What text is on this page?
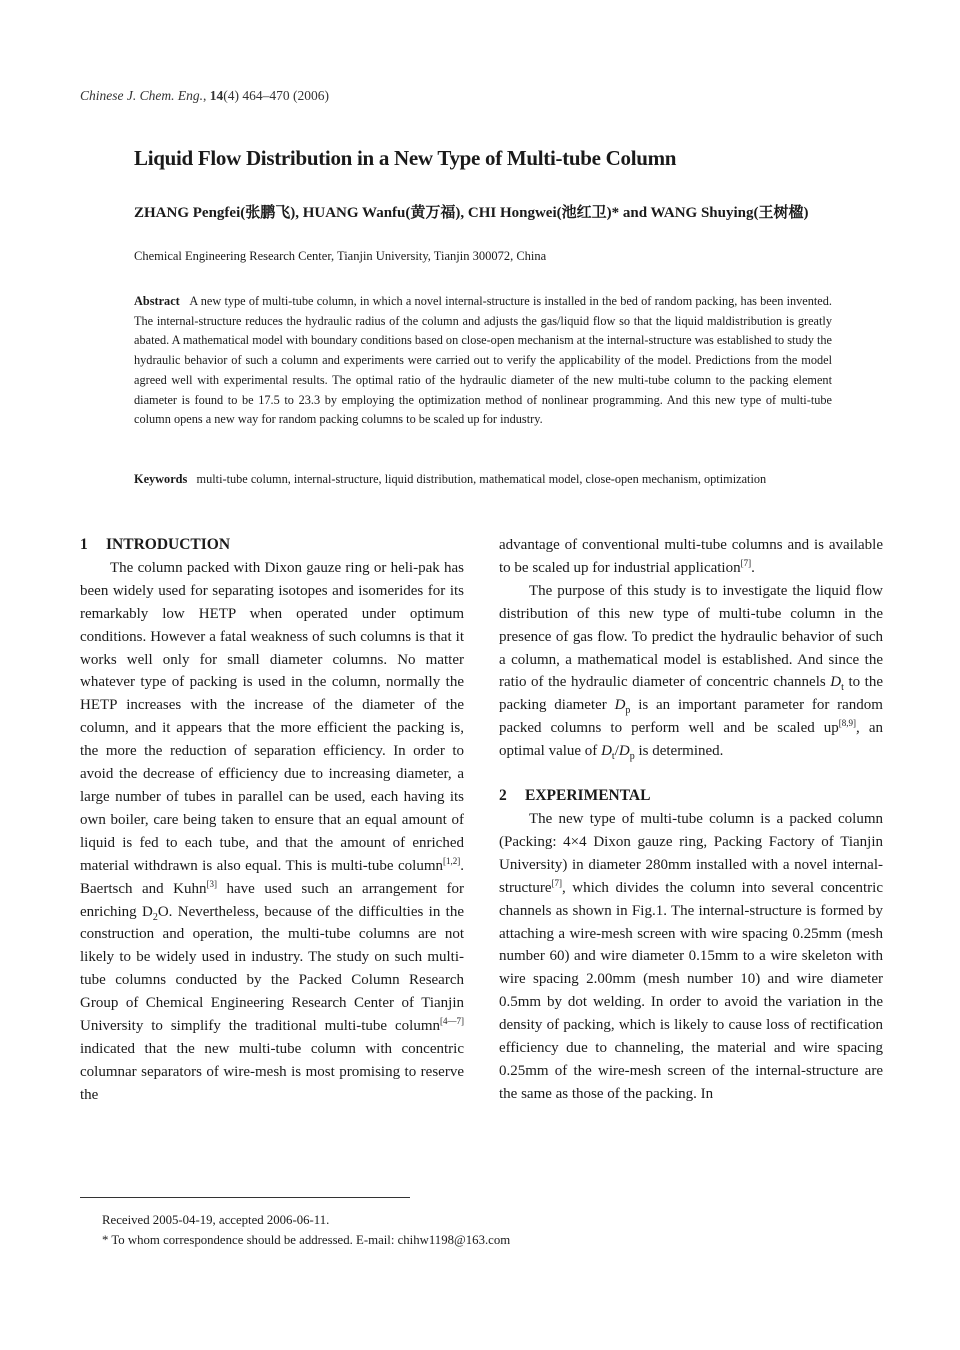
Chinese J. Chem. Eng., 14(4) 464–470 (2006)
Liquid Flow Distribution in a New Type of Multi-tube Column
ZHANG Pengfei(张鹏飞), HUANG Wanfu(黄万福), CHI Hongwei(池红卫)* and WANG Shuying(王树楹)
Chemical Engineering Research Center, Tianjin University, Tianjin 300072, China
Abstract A new type of multi-tube column, in which a novel internal-structure is installed in the bed of random packing, has been invented. The internal-structure reduces the hydraulic radius of the column and adjusts the gas/liquid flow so that the liquid maldistribution is greatly abated. A mathematical model with boundary conditions based on close-open mechanism at the internal-structure was established to study the hydraulic behavior of such a column and experiments were carried out to verify the applicability of the model. Predictions from the model agreed well with experimental results. The optimal ratio of the hydraulic diameter of the new multi-tube column to the packing element diameter is found to be 17.5 to 23.3 by employing the optimization method of nonlinear programming. And this new type of multi-tube column opens a new way for random packing columns to be scaled up for industry.
Keywords multi-tube column, internal-structure, liquid distribution, mathematical model, close-open mechanism, optimization
1 INTRODUCTION

The column packed with Dixon gauze ring or heli-pak has been widely used for separating isotopes and isomerides for its remarkably low HETP when operated under optimum conditions. However a fatal weakness of such columns is that it works well only for small diameter columns. No matter whatever type of packing is used in the column, normally the HETP increases with the increase of the diameter of the column, and it appears that the more efficient the packing is, the more the reduction of separation efficiency. In order to avoid the decrease of efficiency due to increasing diameter, a large number of tubes in parallel can be used, each having its own boiler, care being taken to ensure that an equal amount of liquid is fed to each tube, and that the amount of enriched material withdrawn is also equal. This is multi-tube column[1,2]. Baertsch and Kuhn[3] have used such an arrangement for enriching $D_2O$. Nevertheless, because of the difficulties in the construction and operation, the multi-tube columns are not likely to be widely used in industry. The study on such multi-tube columns conducted by the Packed Column Research Group of Chemical Engineering Research Center of Tianjin University to simplify the traditional multi-tube column[4—7] indicated that the new multi-tube column with concentric columnar separators of wire-mesh is most promising to reserve the

advantage of conventional multi-tube columns and is available to be scaled up for industrial application[7].

The purpose of this study is to investigate the liquid flow distribution of this new type of multi-tube column in the presence of gas flow. To predict the hydraulic behavior of such a column, a mathematical model is established. And since the ratio of the hydraulic diameter of concentric channels $D_t$ to the packing diameter $D_p$ is an important parameter for random packed columns to perform well and be scaled up[8,9], an optimal value of $D_t/D_p$ is determined.

2 EXPERIMENTAL

The new type of multi-tube column is a packed column (Packing: 4×4 Dixon gauze ring, Packing Factory of Tianjin University) in diameter 280mm installed with a novel internal-structure[7], which divides the column into several concentric channels as shown in Fig.1. The internal-structure is formed by attaching a wire-mesh screen with wire spacing 0.25mm (mesh number 60) and wire diameter 0.15mm to a wire skeleton with wire spacing 2.00mm (mesh number 10) and wire diameter 0.5mm by dot welding. In order to avoid the variation in the density of packing, which is likely to cause loss of rectification efficiency due to channeling, the material and wire spacing 0.25mm of the wire-mesh screen of the internal-structure are the same as those of the packing. In

Received 2005-04-19, accepted 2006-06-11.
* To whom correspondence should be addressed. E-mail: chihw1198@163.com
